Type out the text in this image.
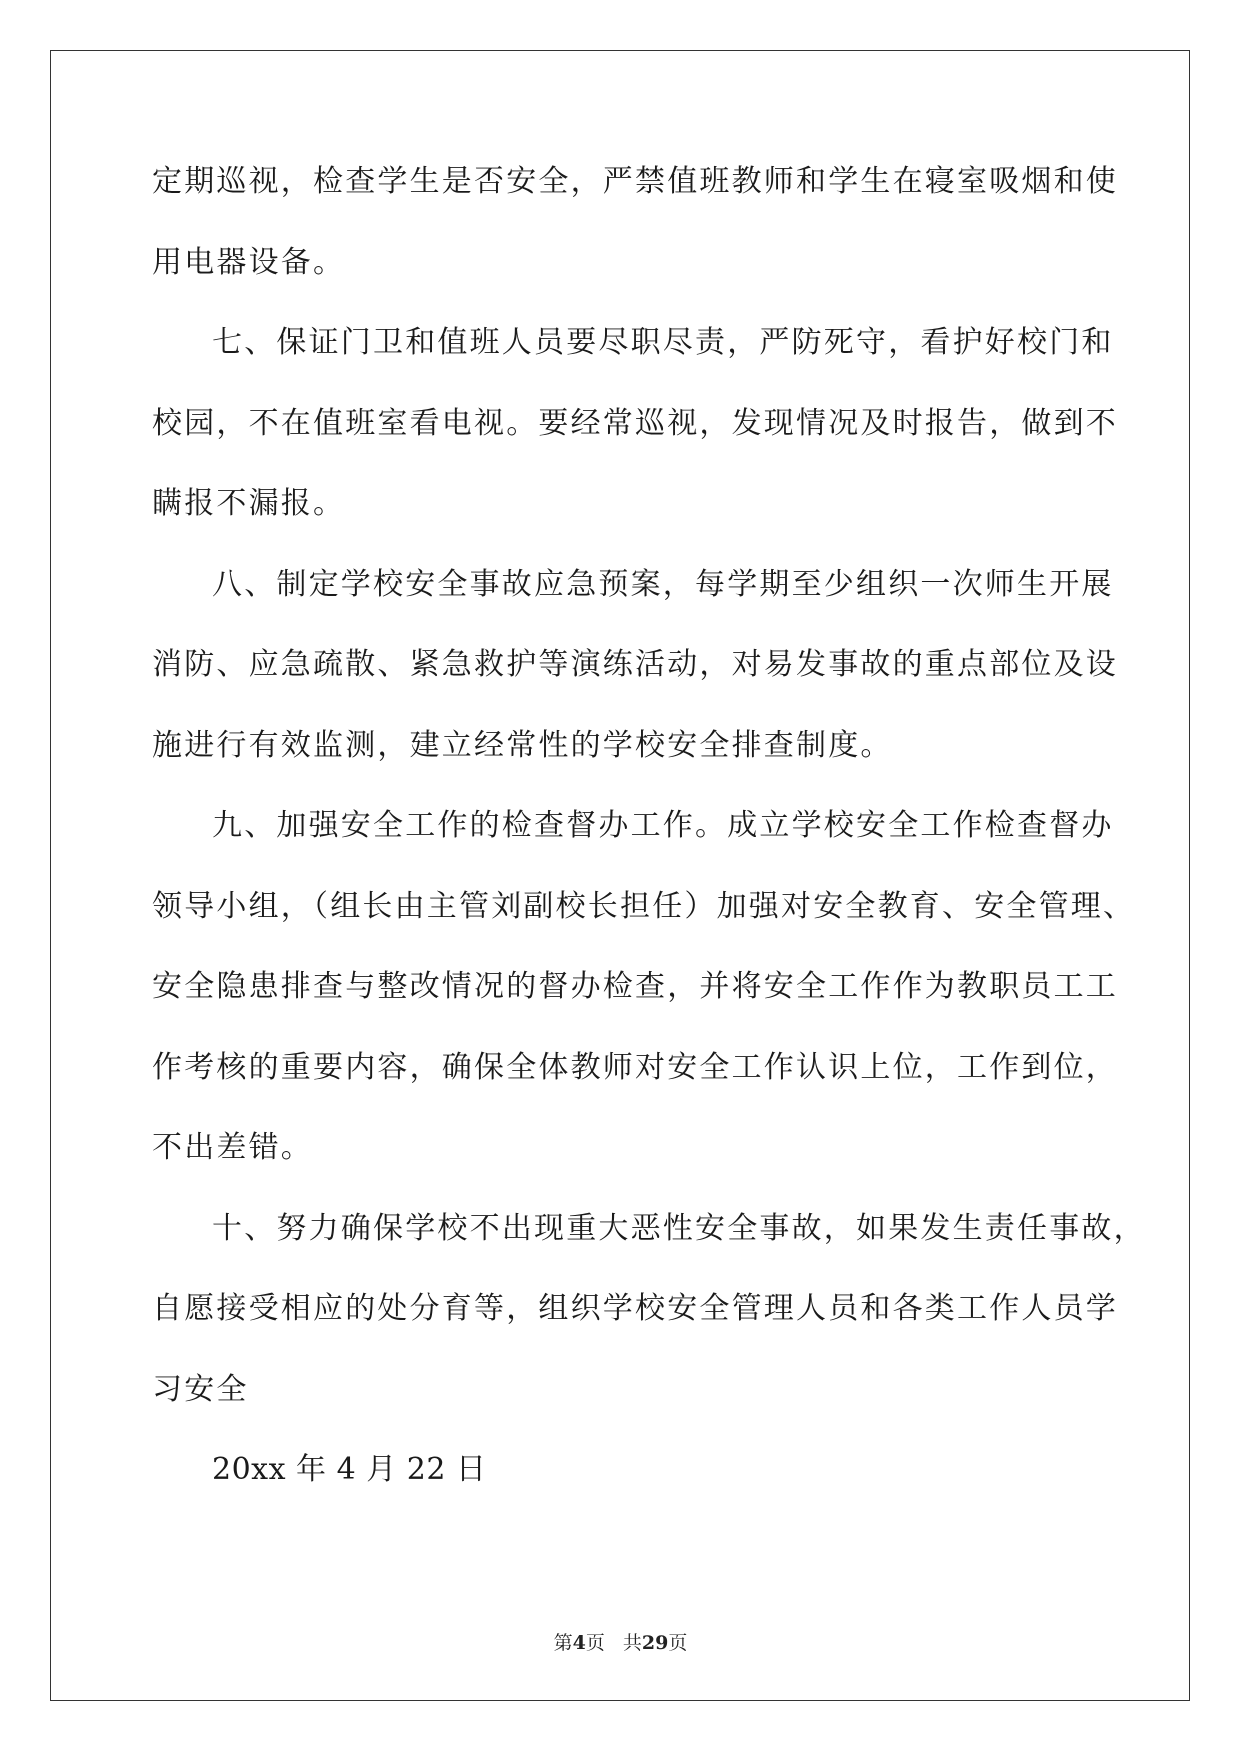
定期巡视，检查学生是否安全，严禁值班教师和学生在寝室吸烟和使
用电器设备。
七、保证门卫和值班人员要尽职尽责，严防死守，看护好校门和
校园，不在值班室看电视。要经常巡视，发现情况及时报告，做到不
瞒报不漏报。
八、制定学校安全事故应急预案，每学期至少组织一次师生开展
消防、应急疏散、紧急救护等演练活动，对易发事故的重点部位及设
施进行有效监测，建立经常性的学校安全排查制度。
九、加强安全工作的检查督办工作。成立学校安全工作检查督办
领导小组，（组长由主管刘副校长担任）加强对安全教育、安全管理、
安全隐患排查与整改情况的督办检查，并将安全工作作为教职员工工
作考核的重要内容，确保全体教师对安全工作认识上位，工作到位，
不出差错。
十、努力确保学校不出现重大恶性安全事故，如果发生责任事故，
自愿接受相应的处分育等，组织学校安全管理人员和各类工作人员学
习安全
20xx 年 4 月 22 日
第4页 共29页
